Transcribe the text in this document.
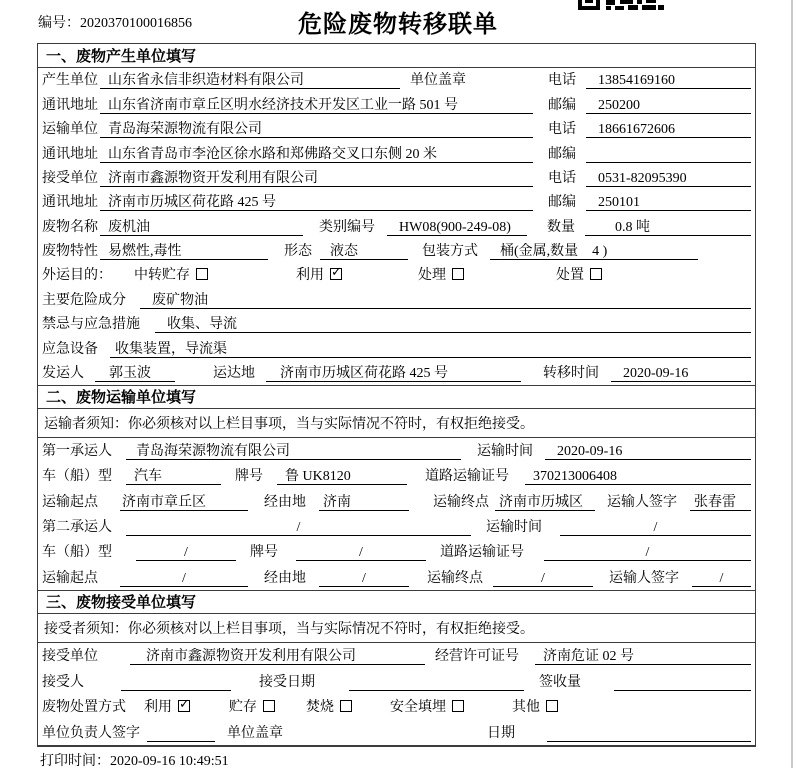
编号：2020370100016856	危险废物转移联单
一、废物产生单位填写
产生单位 山东省永信非织造材料有限公司	单位盖章	电话	13854169160
通讯地址 山东省济南市章丘区明水经济技术开发区工业一路 501 号	邮编	250200
运输单位 青岛海荣源物流有限公司	电话	18661672606
通讯地址 山东省青岛市李沧区徐水路和郑佛路交叉口东侧 20 米	邮编
接受单位 济南市鑫源物资开发利用有限公司	电话	0531-82095390
通讯地址 济南市历城区荷花路 425 号	邮编	250101
废物名称 废机油	类别编号	HW08(900-249-08)	数量	0.8 吨
废物特性 易燃性,毒性	形态	液态	包装方式	桶(金属,数量　4 )
外运目的：	中转贮存	利用 ✓	处理	处置
主要危险成分	废矿物油
禁忌与应急措施	收集、导流
应急设备	收集装置，导流渠
发运人	郭玉波	运达地	济南市历城区荷花路 425 号	转移时间	2020-09-16
二、废物运输单位填写
运输者须知：你必须核对以上栏目事项，当与实际情况不符时，有权拒绝接受。
第一承运人	青岛海荣源物流有限公司	运输时间	2020-09-16
车（船）型	汽车	牌号	鲁 UK8120	道路运输证号	370213006408
运输起点 济南市章丘区	经由地 济南	运输终点 济南市历城区	运输人签字 张春雷
第二承运人	/	运输时间	/
车（船）型	/	牌号	/	道路运输证号	/
运输起点	/	经由地	/	运输终点	/	运输人签字	/
三、废物接受单位填写
接受者须知：你必须核对以上栏目事项，当与实际情况不符时，有权拒绝接受。
接受单位	济南市鑫源物资开发利用有限公司	经营许可证号	济南危证 02 号
接受人	接受日期	签收量
废物处置方式 利用 ✓	贮存	焚烧	安全填埋	其他
单位负责人签字	单位盖章	日期
打印时间：2020-09-16 10:49:51
